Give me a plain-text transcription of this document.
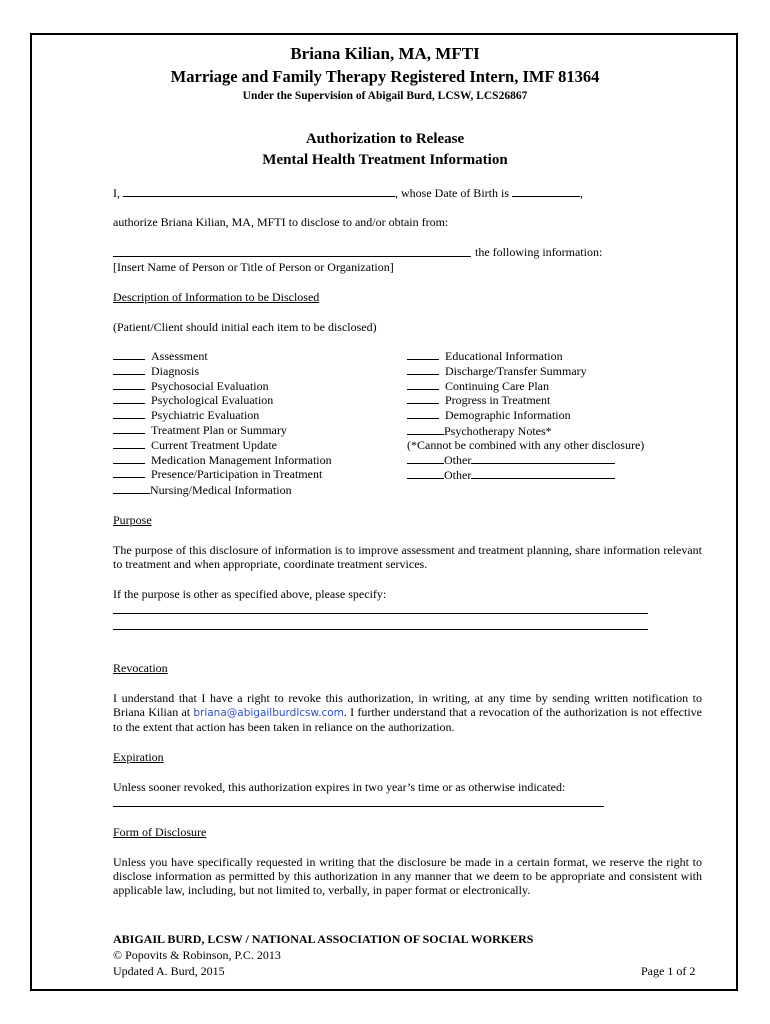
Briana Kilian, MA, MFTI
Marriage and Family Therapy Registered Intern, IMF 81364
Under the Supervision of Abigail Burd, LCSW, LCS26867
Authorization to Release
Mental Health Treatment Information
I,	, whose Date of Birth is	,
authorize Briana Kilian, MA, MFTI to disclose to and/or obtain from:
the following information:
[Insert Name of Person or Title of Person or Organization]
Description of Information to be Disclosed
(Patient/Client should initial each item to be disclosed)
Assessment
Diagnosis
Psychosocial Evaluation
Psychological Evaluation
Psychiatric Evaluation
Treatment Plan or Summary
Current Treatment Update
Medication Management Information
Presence/Participation in Treatment
Nursing/Medical Information
Educational Information
Discharge/Transfer Summary
Continuing Care Plan
Progress in Treatment
Demographic Information
Psychotherapy Notes*
(*Cannot be combined with any other disclosure)
Other
Other
Purpose
The purpose of this disclosure of information is to improve assessment and treatment planning, share information relevant to treatment and when appropriate, coordinate treatment services.
If the purpose is other as specified above, please specify:
Revocation
I understand that I have a right to revoke this authorization, in writing, at any time by sending written notification to Briana Kilian at briana@abigailburdlcsw.com. I further understand that a revocation of the authorization is not effective to the extent that action has been taken in reliance on the authorization.
Expiration
Unless sooner revoked, this authorization expires in two year’s time or as otherwise indicated:
Form of Disclosure
Unless you have specifically requested in writing that the disclosure be made in a certain format, we reserve the right to disclose information as permitted by this authorization in any manner that we deem to be appropriate and consistent with applicable law, including, but not limited to, verbally, in paper format or electronically.
ABIGAIL BURD, LCSW / NATIONAL ASSOCIATION OF SOCIAL WORKERS
© Popovits & Robinson, P.C. 2013
Updated A. Burd, 2015	Page 1 of 2
